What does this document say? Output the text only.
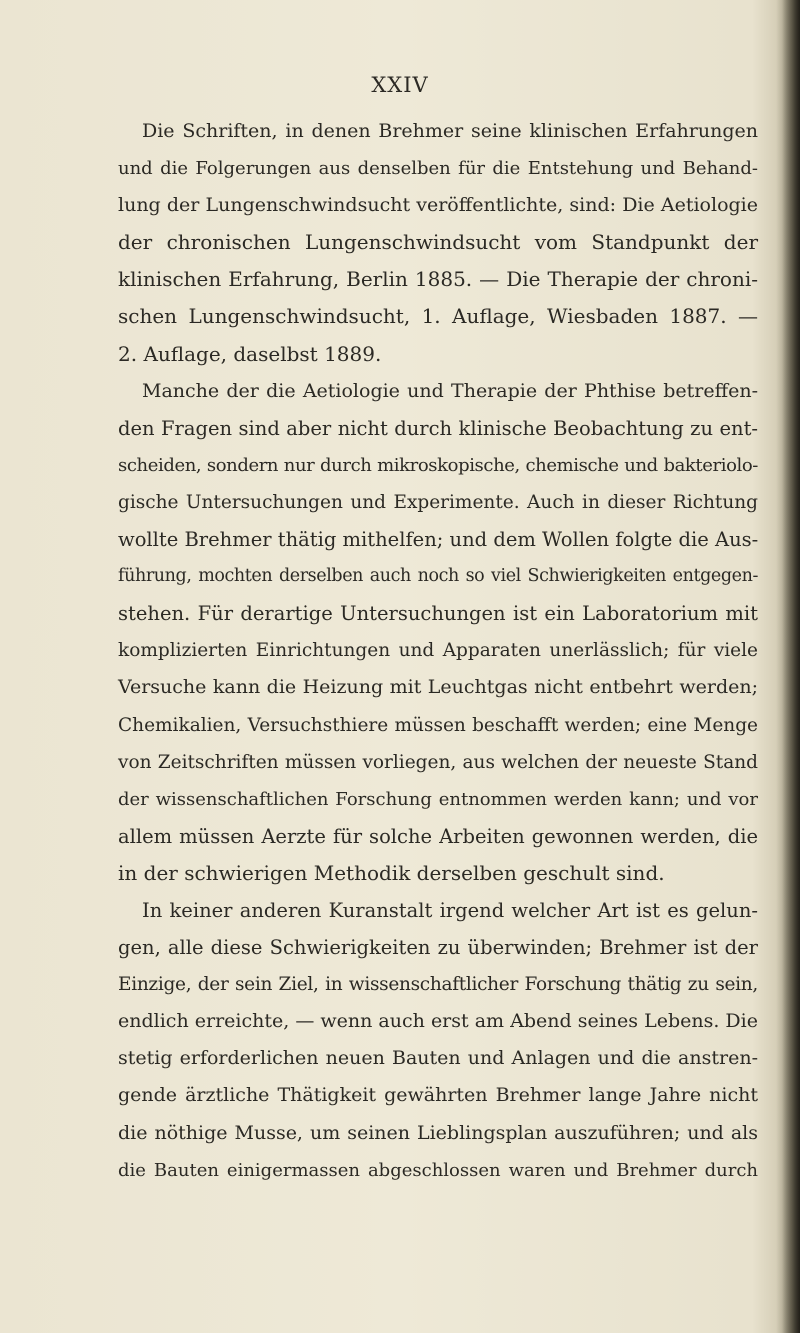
XXIV
Die Schriften, in denen Brehmer seine klinischen Erfahrungen
und die Folgerungen aus denselben für die Entstehung und Behand-
lung der Lungenschwindsucht veröffentlichte, sind: Die Aetiologie
der chronischen Lungenschwindsucht vom Standpunkt der
klinischen Erfahrung, Berlin 1885. — Die Therapie der chroni-
schen Lungenschwindsucht, 1. Auflage, Wiesbaden 1887. —
2. Auflage, daselbst 1889.
Manche der die Aetiologie und Therapie der Phthise betreffen-
den Fragen sind aber nicht durch klinische Beobachtung zu ent-
scheiden, sondern nur durch mikroskopische, chemische und bakteriolo-
gische Untersuchungen und Experimente. Auch in dieser Richtung
wollte Brehmer thätig mithelfen; und dem Wollen folgte die Aus-
führung, mochten derselben auch noch so viel Schwierigkeiten entgegen-
stehen. Für derartige Untersuchungen ist ein Laboratorium mit
komplizierten Einrichtungen und Apparaten unerlässlich; für viele
Versuche kann die Heizung mit Leuchtgas nicht entbehrt werden;
Chemikalien, Versuchsthiere müssen beschafft werden; eine Menge
von Zeitschriften müssen vorliegen, aus welchen der neueste Stand
der wissenschaftlichen Forschung entnommen werden kann; und vor
allem müssen Aerzte für solche Arbeiten gewonnen werden, die
in der schwierigen Methodik derselben geschult sind.
In keiner anderen Kuranstalt irgend welcher Art ist es gelun-
gen, alle diese Schwierigkeiten zu überwinden; Brehmer ist der
Einzige, der sein Ziel, in wissenschaftlicher Forschung thätig zu sein,
endlich erreichte, — wenn auch erst am Abend seines Lebens. Die
stetig erforderlichen neuen Bauten und Anlagen und die anstren-
gende ärztliche Thätigkeit gewährten Brehmer lange Jahre nicht
die nöthige Musse, um seinen Lieblingsplan auszuführen; und als
die Bauten einigermassen abgeschlossen waren und Brehmer durch
